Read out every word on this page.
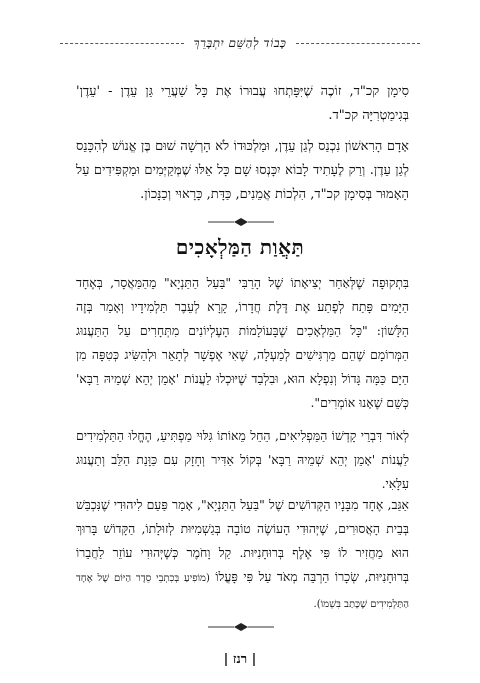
כָּבוֹד לְהַשֵּׁם יִתְבָּרֵךְ

סִימָן קכ"ד, זוֹכֶה שֶׁיִּפָּתְחוּ עֲבוּרוֹ אֶת כָּל שַׁעֲרֵי גַּן עֵדֶן - 'עֵדֶן' בְּגִימַטְרִיָּה קכ"ד.

אָדָם הָרִאשׁוֹן נִכְנַס לְגַן עֵדֶן, וּמַלְכּוּדוֹ לֹא הָרְשָׁה שׁוּם בֶּן אֱנוֹשׁ לְהִכָּנֵס לְגַן עֵדֶן. וְרַק לֶעָתִיד לָבוֹא יִכָּנְסוּ שָׁם כָּל אֵלּוּ שֶׁמְּקַיְּמִים וּמַקְפִּידִים עַל הָאָמוּר בְּסִימָן קכ"ד, הִלְכוֹת אֲמֵנִים, כַּדָּת, כָּרָאוּי וְכַנָּכוֹן.

תַּאֲוַת הַמַּלְאָכִים

בִּתְקוּפָה שֶׁלְּאַחַר יְצִיאָתוֹ שֶׁל הָרַבִּי "בַּעַל הַתַּנְיָא" מֵהַמַּאֲסָר, בְּאֶחָד הַיָּמִים פָּתַח לְפֶתַע אֶת דֶּלֶת חֲדָרוֹ, קָרָא לְעֵבֶר תַּלְמִידָיו וְאָמַר בְּזֶה הַלָּשׁוֹן: "כָּל הַמַּלְאָכִים שֶׁבָּעוֹלָמוֹת הָעֶלְיוֹנִים מִתְּחָרִים עַל הַתַּעֲנוּג הַמְּרוֹמָם שֶׁהֵם מַרְגִּישִׁים לְמַעְלָה, שֶׁאִי אֶפְשָׁר לְתָאֵר וּלְהַשִּׂיג כְּטִפָּה מִן הַיָּם כַּמָּה גָּדוֹל וְנִפְלָא הוּא, וּבִלְבַד שֶׁיּוּכְלוּ לַעֲנוֹת 'אָמֵן יְהֵא שְׁמֵיהּ רַבָּא' כְּשֵׁם שֶׁאָנוּ אוֹמְרִים".

לְאוֹר דִּבְרֵי קָדְשׁוֹ הַמַּפְלִיאִים, הֵחֵל מֵאוֹתוֹ גִּלּוּי מַפְתִּיעַ, הֶחֱלוּ הַתַּלְמִידִים לַעֲנוֹת 'אָמֵן יְהֵא שְׁמֵיהּ רַבָּא' בְּקוֹל אַדִּיר וְחָזָק עִם כַּוָּנַת הַלֵּב וְתַעֲנוּג עִלָּאִי.

אַגַּב, אֶחָד מִבָּנָיו הַקְּדוֹשִׁים שֶׁל "בַּעַל הַתַּנְיָא", אָמַר פַּעַם לִיהוּדִי שֶׁנִּכְבַּשׁ בְּבֵית הָאֲסוּרִים, שֶׁיְּהוּדִי הָעוֹשֶׂה טוֹבָה בְּגַשְׁמִיּוּת לְזוּלָתוֹ, הַקָּדוֹשׁ בָּרוּךְ הוּא מַחֲזִיר לוֹ פִּי אֶלֶף בְּרוּחָנִיּוּת. קַל וָחֹמֶר כְּשֶׁיְּהוּדִי עוֹזֵר לַחֲבֵרוֹ בְּרוּחָנִיּוּת, שְׂכָרוֹ הַרְבֵּה מְאֹד עַל פִּי פָּעֳלוֹ (מוֹפִיעַ בְּכִתְבֵי סֵדֶר הַיּוֹם שֶׁל אֶחָד הַתַּלְמִידִים שֶׁכָּתַב בִּשְׁמוֹ).

| רנז |
